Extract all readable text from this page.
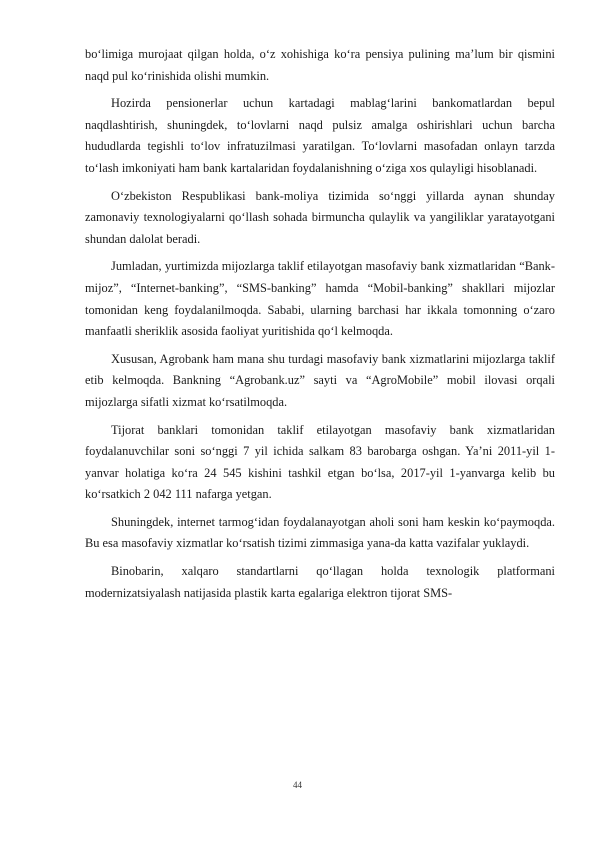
bo‘limiga murojaat qilgan holda, o‘z xohishiga ko‘ra pensiya pulining ma’lum bir qismini naqd pul ko‘rinishida olishi mumkin.

Hozirda pensionerlar uchun kartadagi mablag‘larini bankomatlardan bepul naqdlashtirish, shuningdek, to‘lovlarni naqd pulsiz amalga oshirishlari uchun barcha hududlarda tegishli to‘lov infratuzilmasi yaratilgan. To‘lovlarni masofadan onlayn tarzda to‘lash imkoniyati ham bank kartalaridan foydalanishning o‘ziga xos qulayligi hisoblanadi.

O‘zbekiston Respublikasi bank-moliya tizimida so‘nggi yillarda aynan shunday zamonaviy texnologiyalarni qo‘llash sohada birmuncha qulaylik va yangiliklar yaratayotgani shundan dalolat beradi.

Jumladan, yurtimizda mijozlarga taklif etilayotgan masofaviy bank xizmatlaridan “Bank-mijoz”, “Internet-banking”, “SMS-banking” hamda “Mobil-banking” shakllari mijozlar tomonidan keng foydalanilmoqda. Sababi, ularning barchasi har ikkala tomonning o‘zaro manfaatli sheriklik asosida faoliyat yuritishida qo‘l kelmoqda.

Xususan, Agrobank ham mana shu turdagi masofaviy bank xizmatlarini mijozlarga taklif etib kelmoqda. Bankning “Agrobank.uz” sayti va “AgroMobile” mobil ilovasi orqali mijozlarga sifatli xizmat ko‘rsatilmoqda.

Tijorat banklari tomonidan taklif etilayotgan masofaviy bank xizmatlaridan foydalanuvchilar soni so‘nggi 7 yil ichida salkam 83 barobarga oshgan. Ya’ni 2011-yil 1-yanvar holatiga ko‘ra 24 545 kishini tashkil etgan bo‘lsa, 2017-yil 1-yanvarga kelib bu ko‘rsatkich 2 042 111 nafarga yetgan.

Shuningdek, internet tarmog‘idan foydalanayotgan aholi soni ham keskin ko‘paymoqda. Bu esa masofaviy xizmatlar ko‘rsatish tizimi zimmasiga yana-da katta vazifalar yuklaydi.

Binobarin, xalqaro standartlarni qo‘llagan holda texnologik platformani modernizatsiyalash natijasida plastik karta egalariga elektron tijorat SMS-

44
